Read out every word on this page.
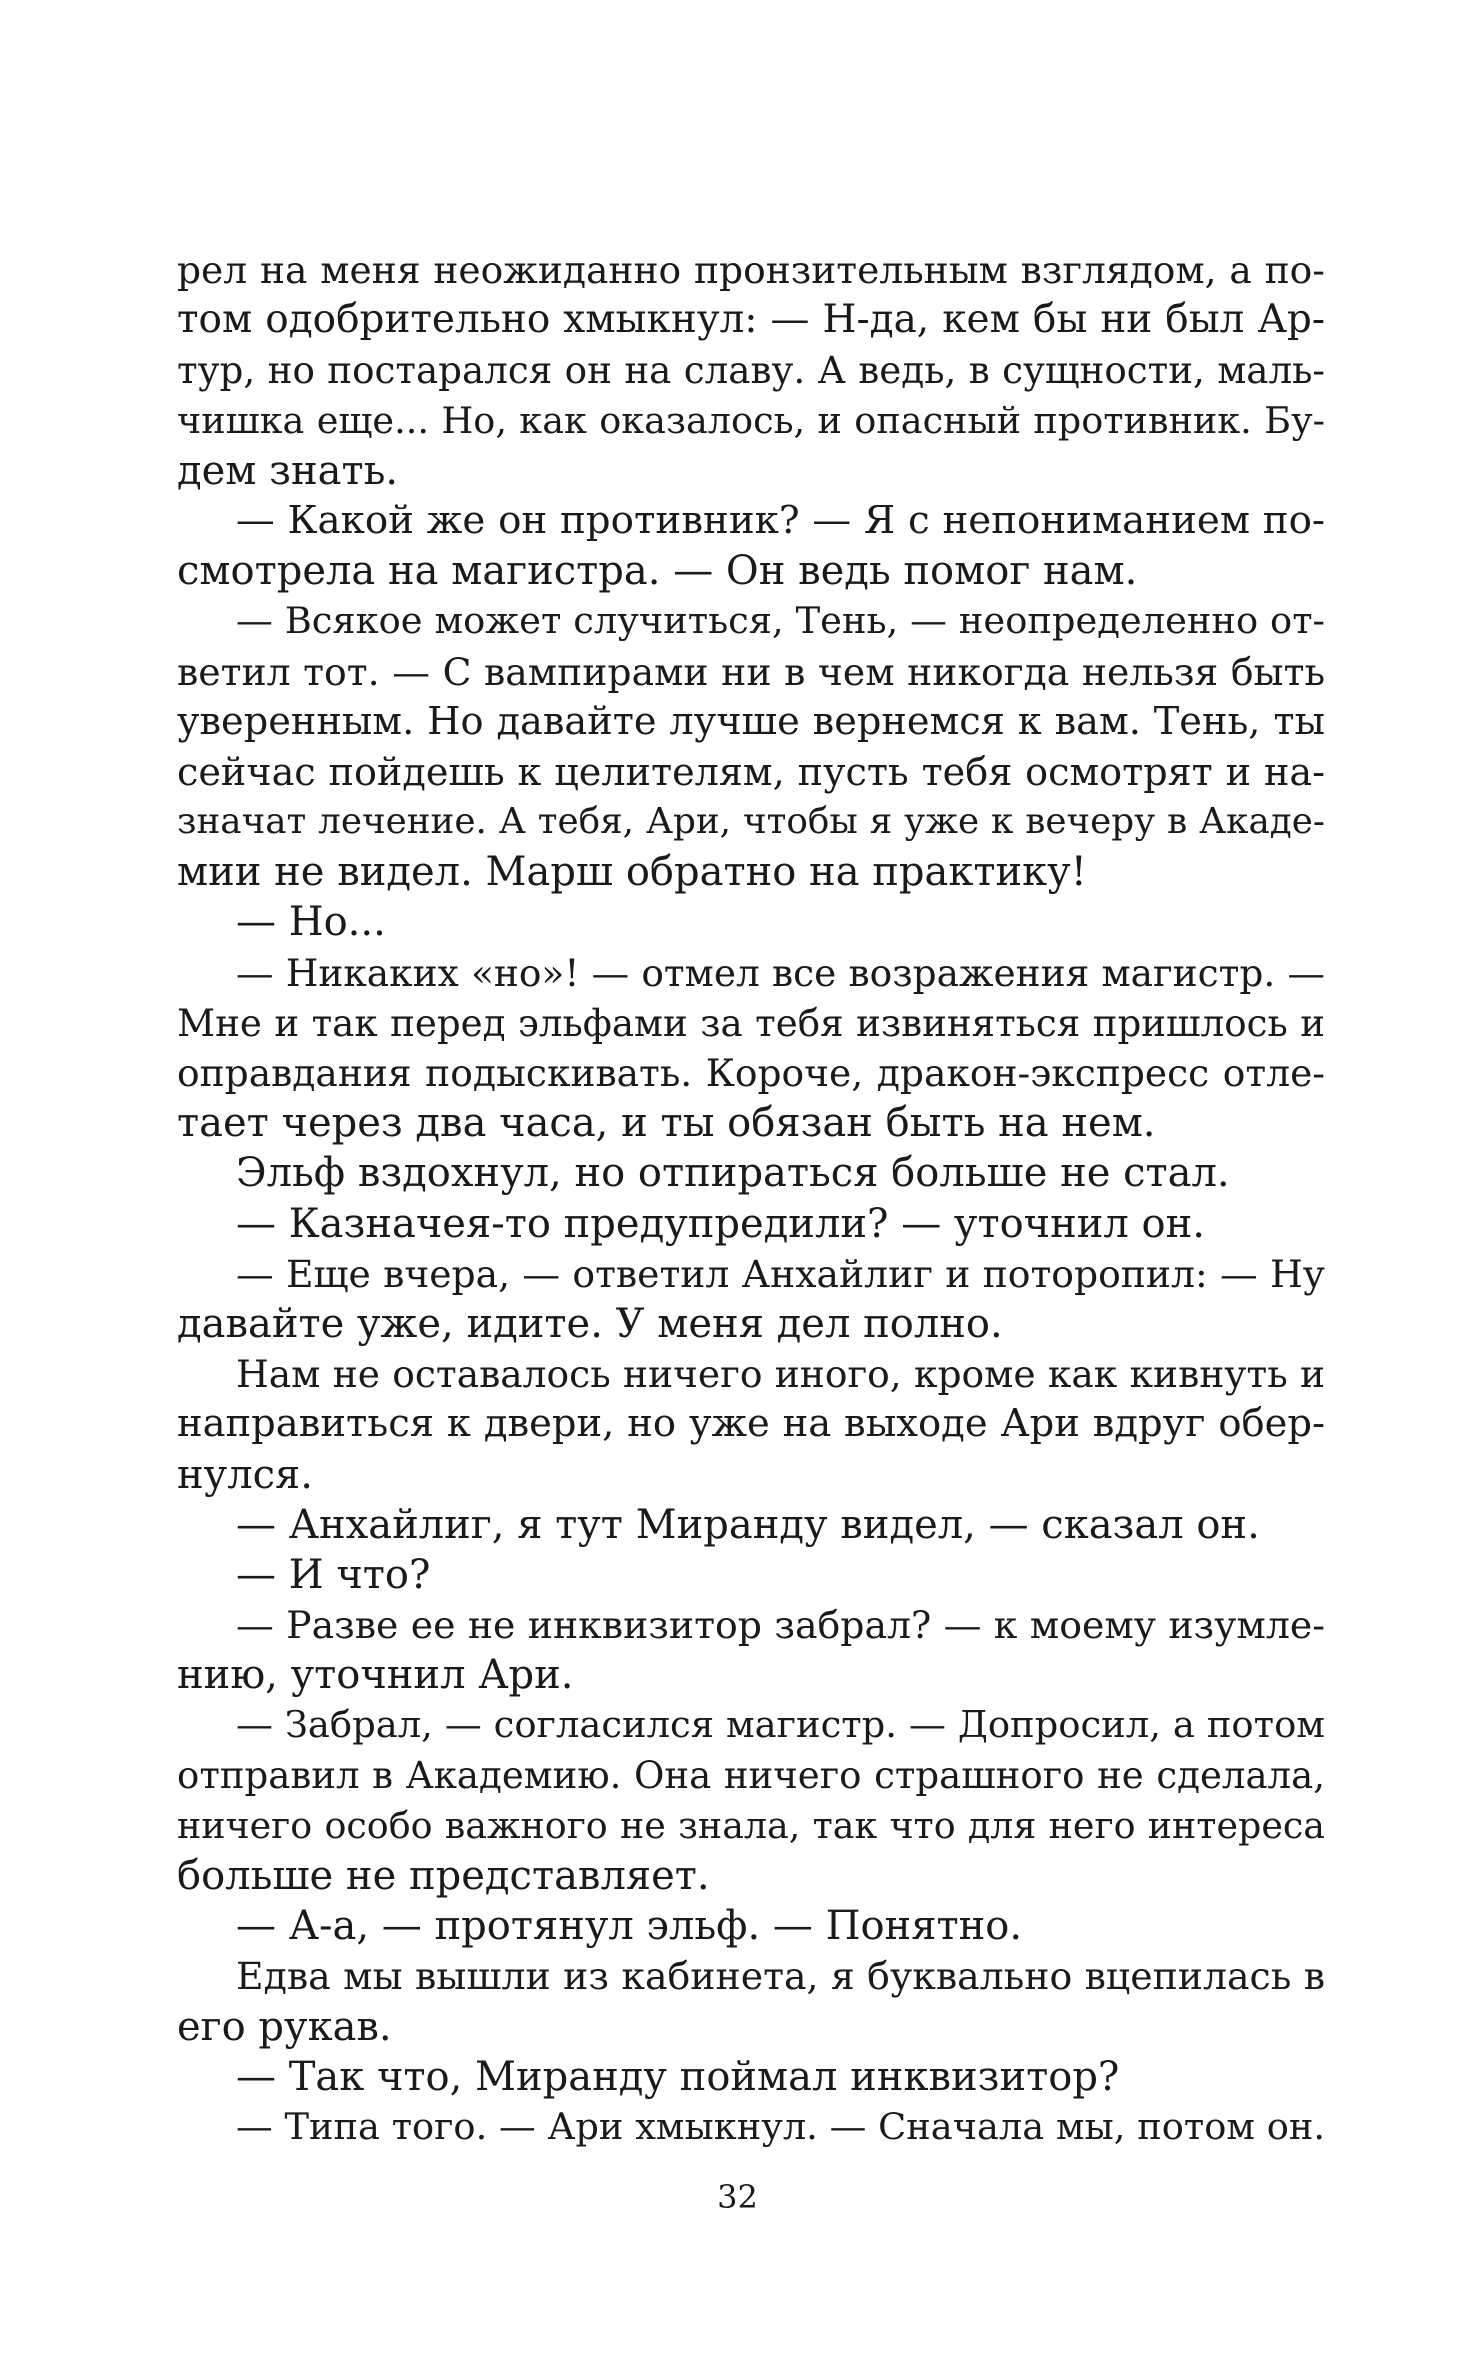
рел на меня неожиданно пронзительным взглядом, а по-
том одобрительно хмыкнул: — Н-да, кем бы ни был Ар-
тур, но постарался он на славу. А ведь, в сущности, маль-
чишка еще... Но, как оказалось, и опасный противник. Бу-
дем знать.
— Какой же он противник? — Я с непониманием по-
смотрела на магистра. — Он ведь помог нам.
— Всякое может случиться, Тень, — неопределенно от-
ветил тот. — С вампирами ни в чем никогда нельзя быть
уверенным. Но давайте лучше вернемся к вам. Тень, ты
сейчас пойдешь к целителям, пусть тебя осмотрят и на-
значат лечение. А тебя, Ари, чтобы я уже к вечеру в Акаде-
мии не видел. Марш обратно на практику!
— Но...
— Никаких «но»! — отмел все возражения магистр. —
Мне и так перед эльфами за тебя извиняться пришлось и
оправдания подыскивать. Короче, дракон-экспресс отле-
тает через два часа, и ты обязан быть на нем.
Эльф вздохнул, но отпираться больше не стал.
— Казначея-то предупредили? — уточнил он.
— Еще вчера, — ответил Анхайлиг и поторопил: — Ну
давайте уже, идите. У меня дел полно.
Нам не оставалось ничего иного, кроме как кивнуть и
направиться к двери, но уже на выходе Ари вдруг обер-
нулся.
— Анхайлиг, я тут Миранду видел, — сказал он.
— И что?
— Разве ее не инквизитор забрал? — к моему изумле-
нию, уточнил Ари.
— Забрал, — согласился магистр. — Допросил, а потом
отправил в Академию. Она ничего страшного не сделала,
ничего особо важного не знала, так что для него интереса
больше не представляет.
— А-а, — протянул эльф. — Понятно.
Едва мы вышли из кабинета, я буквально вцепилась в
его рукав.
— Так что, Миранду поймал инквизитор?
— Типа того. — Ари хмыкнул. — Сначала мы, потом он.
32
